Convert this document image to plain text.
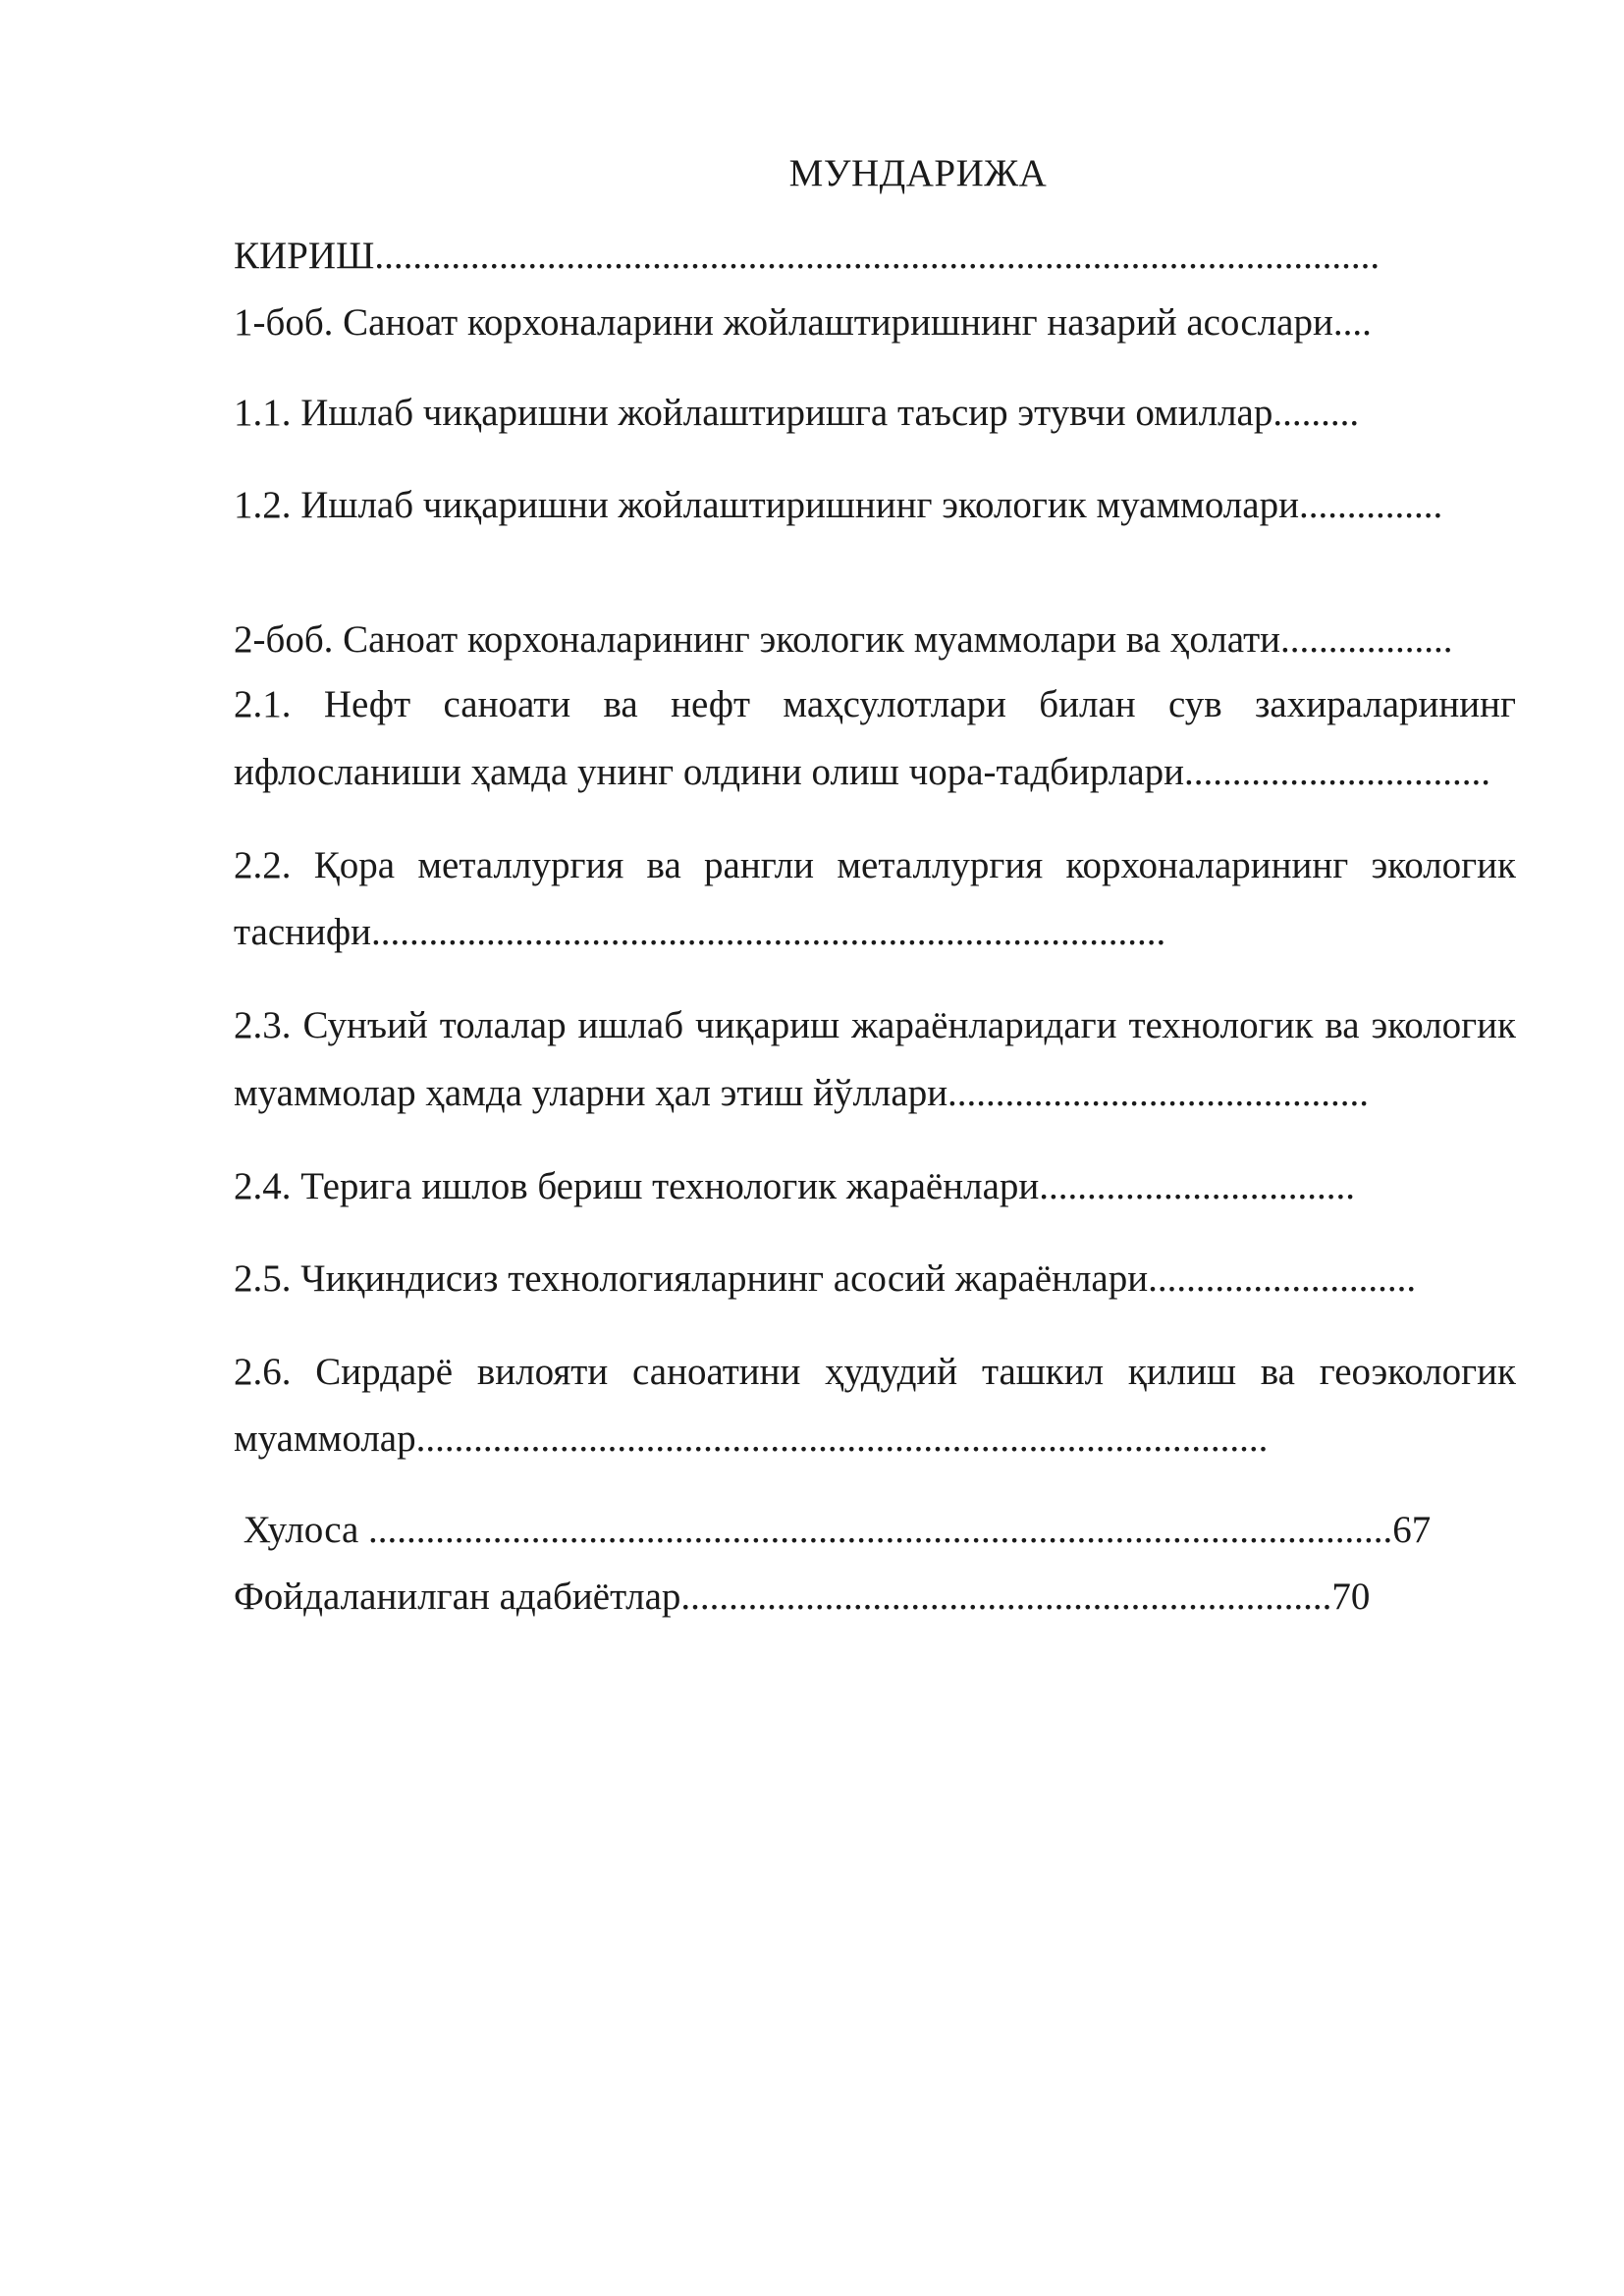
МУНДАРИЖА
КИРИШ.........................................................................................................
1-боб. Саноат корхоналарини жойлаштиришнинг назарий асослари....
1.1. Ишлаб чиқаришни жойлаштиришга таъсир этувчи омиллар.........
1.2. Ишлаб чиқаришни жойлаштиришнинг экологик муаммолари...............
2-боб. Саноат корхоналарининг экологик муаммолари ва ҳолати..................
2.1. Нефт саноати ва нефт маҳсулотлари билан сув захираларининг
ифлосланиши ҳамда унинг олдини олиш чора-тадбирлари................................
2.2. Қора металлургия ва рангли металлургия корхоналарининг экологик
таснифи...................................................................................
2.3. Сунъий толалар ишлаб чиқариш жараёнларидаги технологик ва экологик
муаммолар ҳамда уларни ҳал этиш йўллари............................................
2.4. Терига ишлов бериш технологик жараёнлари.................................
2.5. Чиқиндисиз технологияларнинг асосий жараёнлари............................
2.6. Сирдарё вилояти саноатини ҳудудий ташкил қилиш ва геоэкологик
муаммолар.........................................................................................
Хулоса ...........................................................................................................67
Фойдаланилган адабиётлар....................................................................70
